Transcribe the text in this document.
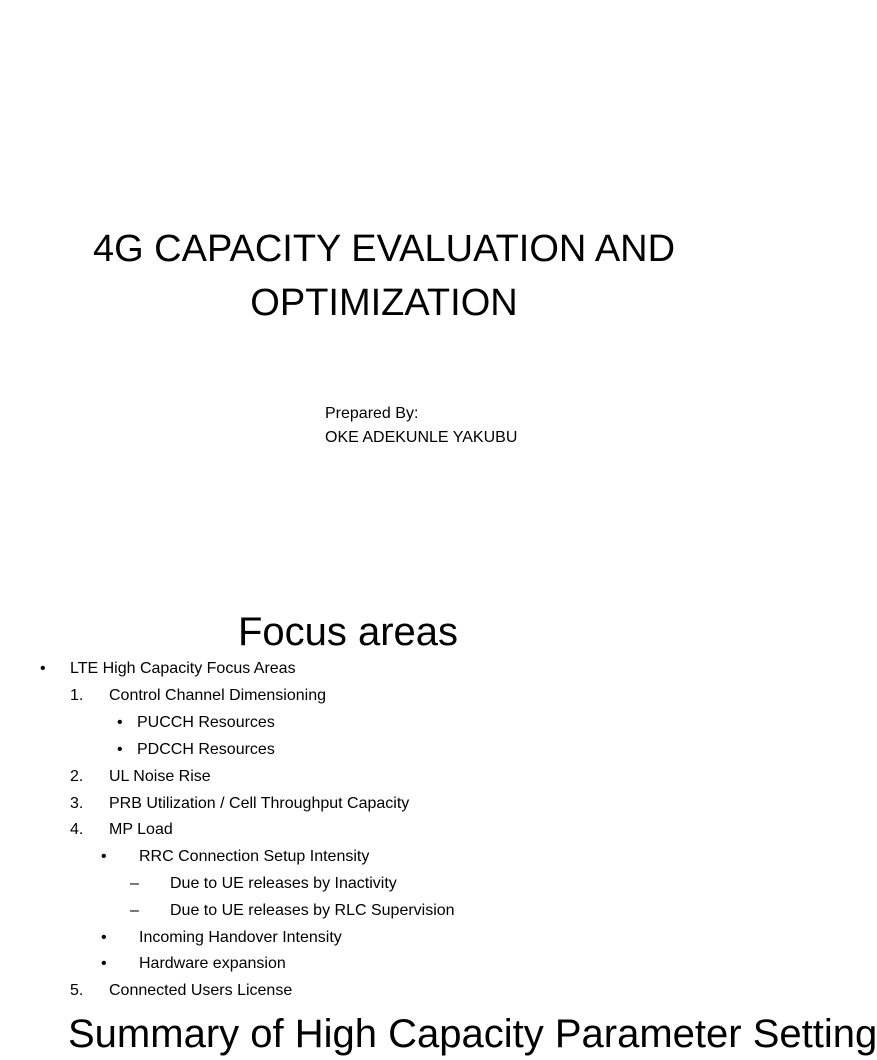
4G CAPACITY EVALUATION AND
OPTIMIZATION
Prepared By:
OKE ADEKUNLE YAKUBU
Focus areas
• LTE High Capacity Focus Areas
1. Control Channel Dimensioning
• PUCCH Resources
• PDCCH Resources
2. UL Noise Rise
3. PRB Utilization / Cell Throughput Capacity
4. MP Load
• RRC Connection Setup Intensity
– Due to UE releases by Inactivity
– Due to UE releases by RLC Supervision
• Incoming Handover Intensity
• Hardware expansion
5. Connected Users License
Summary of High Capacity Parameter Setting
